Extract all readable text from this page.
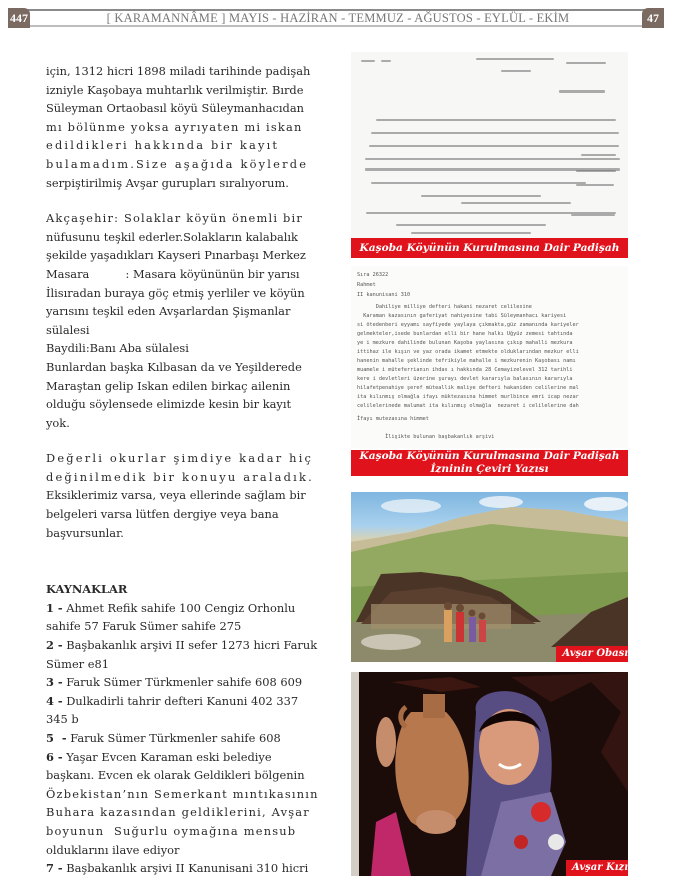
447	47
[ KARAMANNÂME ] MAYIS - HAZİRAN - TEMMUZ - AĞUSTOS - EYLÜL - EKİM

için, 1312 hicri 1898 miladi tarihinde padişah

izniyle Kaşobaya muhtarlık verilmiştir. Bırde

Süleyman Ortaobasıl köyü Süleymanhacıdan

mı bölünme yoksa ayrıyaten mi iskan

edildikleri hakkında bir kayıt

bulamadım.Size aşağıda köylerde

serpiştirilmiş Avşar gurupları sıralıyorum.

Akçaşehir: Solaklar köyün önemli bir

nüfusunu teşkil ederler.Solakların kalabalık

şekilde yaşadıkları Kayseri Pınarbaşı Merkez

Masara          : Masara köyününün bir yarısı

İlisıradan buraya göç etmiş yerliler ve köyün

yarısını teşkil eden Avşarlardan Şişmanlar

sülalesi

Baydili:Banı Aba sülalesi

Bunlardan başka Kılbasan da ve Yeşilderede

Maraştan gelip Iskan edilen birkaç ailenin

olduğu söylensede elimizde kesin bir kayıt

yok.

Değerli okurlar şimdiye kadar hiç

değinilmedik bir konuyu araladık.

Eksiklerimiz varsa, veya ellerinde sağlam bir

belgeleri varsa lütfen dergiye veya bana

başvursunlar.

KAYNAKLAR

1 - Ahmet Refik sahife 100 Cengiz Orhonlu

sahife 57 Faruk Sümer sahife 275

2 - Başbakanlık arşivi II sefer 1273 hicri Faruk

Sümer e81

3 - Faruk Sümer Türkmenler sahife 608 609

4 - Dulkadirli tahrir defteri Kanuni 402 337

345 b

5  - Faruk Sümer Türkmenler sahife 608

6 - Yaşar Evcen Karaman eski belediye

başkanı. Evcen ek olarak Geldikleri bölgenin

Özbekistan’nın Semerkant mıntıkasının

Buhara kazasından geldiklerini, Avşar

boyunun  Suğurlu oymağına mensub

olduklarını ilave ediyor

7 - Başbakanlık arşivi II Kanunisani 310 hicri

Kaşoba Köyünün Kurulmasına Dair Padişah
Sıra 26322
Rahmet
II kanunisani 310
Dahiliye milliye defteri hakani nezaret celilesine
Karaman kazasının gaferiyat nahiyesine tabi Süleymanhacı kariyesi
si ötedenberi eyyamı sayfiyede yaylaya çıkmakta,güz zamanında kariyeler
gelmekteler,isede bunlardan elli bir hane halkı Uğyüz zemesi tahtında
ye i mezkure dahilinde bulunan Kaşoba yaylasına çıkıp mahalli mezkura
ittihaz ile kışın ve yaz orada ikamet etmekte olduklarından mezkur elli
hanenin mahalle şeklinde tefrikiyle mahalle i mezkurenin Kaşobası namı
muamele i müteferrianın ihdas ı hakkında 28 Cemayizelevel 312 tarihli
kere i devletleri üzerine şurayı devlet kararıyla balasının kararıyla
hilafetpenahiye şeref müteallik maliye defteri hakaniden celilerine mal
ita kılınmış olmağla ifayı müktezasına himmet murlbince emri icap nezar
celilelerinede malumat ita kılınmış olmağla  nezaret i celilelerine dah
İfayı mutezasına himmet
İlişikte bulunan başbakanlık arşivi
Kaşoba Köyünün Kurulmasına Dair Padişah
İzninin Çeviri Yazısı
Avşar Obası
Avşar Kızı
